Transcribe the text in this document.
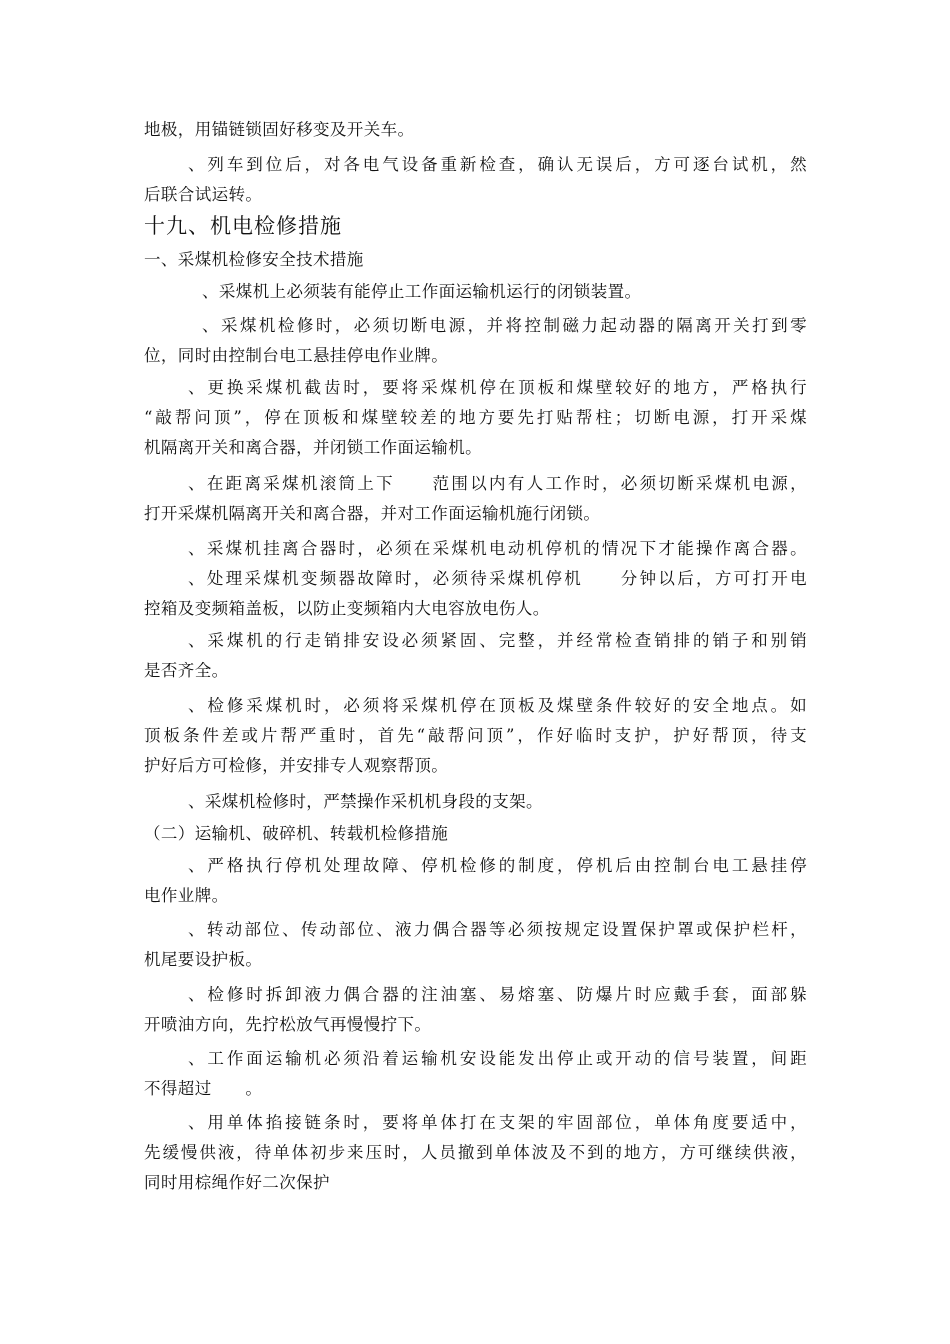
地极，用锚链锁固好移变及开关车。
、列车到位后，对各电气设备重新检查，确认无误后，方可逐台试机，然
后联合试运转。
十九、机电检修措施
一、采煤机检修安全技术措施
、采煤机上必须装有能停止工作面运输机运行的闭锁装置。
、采煤机检修时，必须切断电源，并将控制磁力起动器的隔离开关打到零
位，同时由控制台电工悬挂停电作业牌。
、更换采煤机截齿时，要将采煤机停在顶板和煤壁较好的地方，严格执行
“敲帮问顶”，停在顶板和煤壁较差的地方要先打贴帮柱；切断电源，打开采煤
机隔离开关和离合器，并闭锁工作面运输机。
、在距离采煤机滚筒上下　　范围以内有人工作时，必须切断采煤机电源，
打开采煤机隔离开关和离合器，并对工作面运输机施行闭锁。
、采煤机挂离合器时，必须在采煤机电动机停机的情况下才能操作离合器。
、处理采煤机变频器故障时，必须待采煤机停机　　分钟以后，方可打开电
控箱及变频箱盖板，以防止变频箱内大电容放电伤人。
、采煤机的行走销排安设必须紧固、完整，并经常检查销排的销子和别销
是否齐全。
、检修采煤机时，必须将采煤机停在顶板及煤壁条件较好的安全地点。如
顶板条件差或片帮严重时，首先“敲帮问顶”，作好临时支护，护好帮顶，待支
护好后方可检修，并安排专人观察帮顶。
、采煤机检修时，严禁操作采机机身段的支架。
（二）运输机、破碎机、转载机检修措施
、严格执行停机处理故障、停机检修的制度，停机后由控制台电工悬挂停
电作业牌。
、转动部位、传动部位、液力偶合器等必须按规定设置保护罩或保护栏杆，
机尾要设护板。
、检修时拆卸液力偶合器的注油塞、易熔塞、防爆片时应戴手套，面部躲
开喷油方向，先拧松放气再慢慢拧下。
、工作面运输机必须沿着运输机安设能发出停止或开动的信号装置，间距
不得超过　　。
、用单体掐接链条时，要将单体打在支架的牢固部位，单体角度要适中，
先缓慢供液，待单体初步来压时，人员撤到单体波及不到的地方，方可继续供液，
同时用棕绳作好二次保护
